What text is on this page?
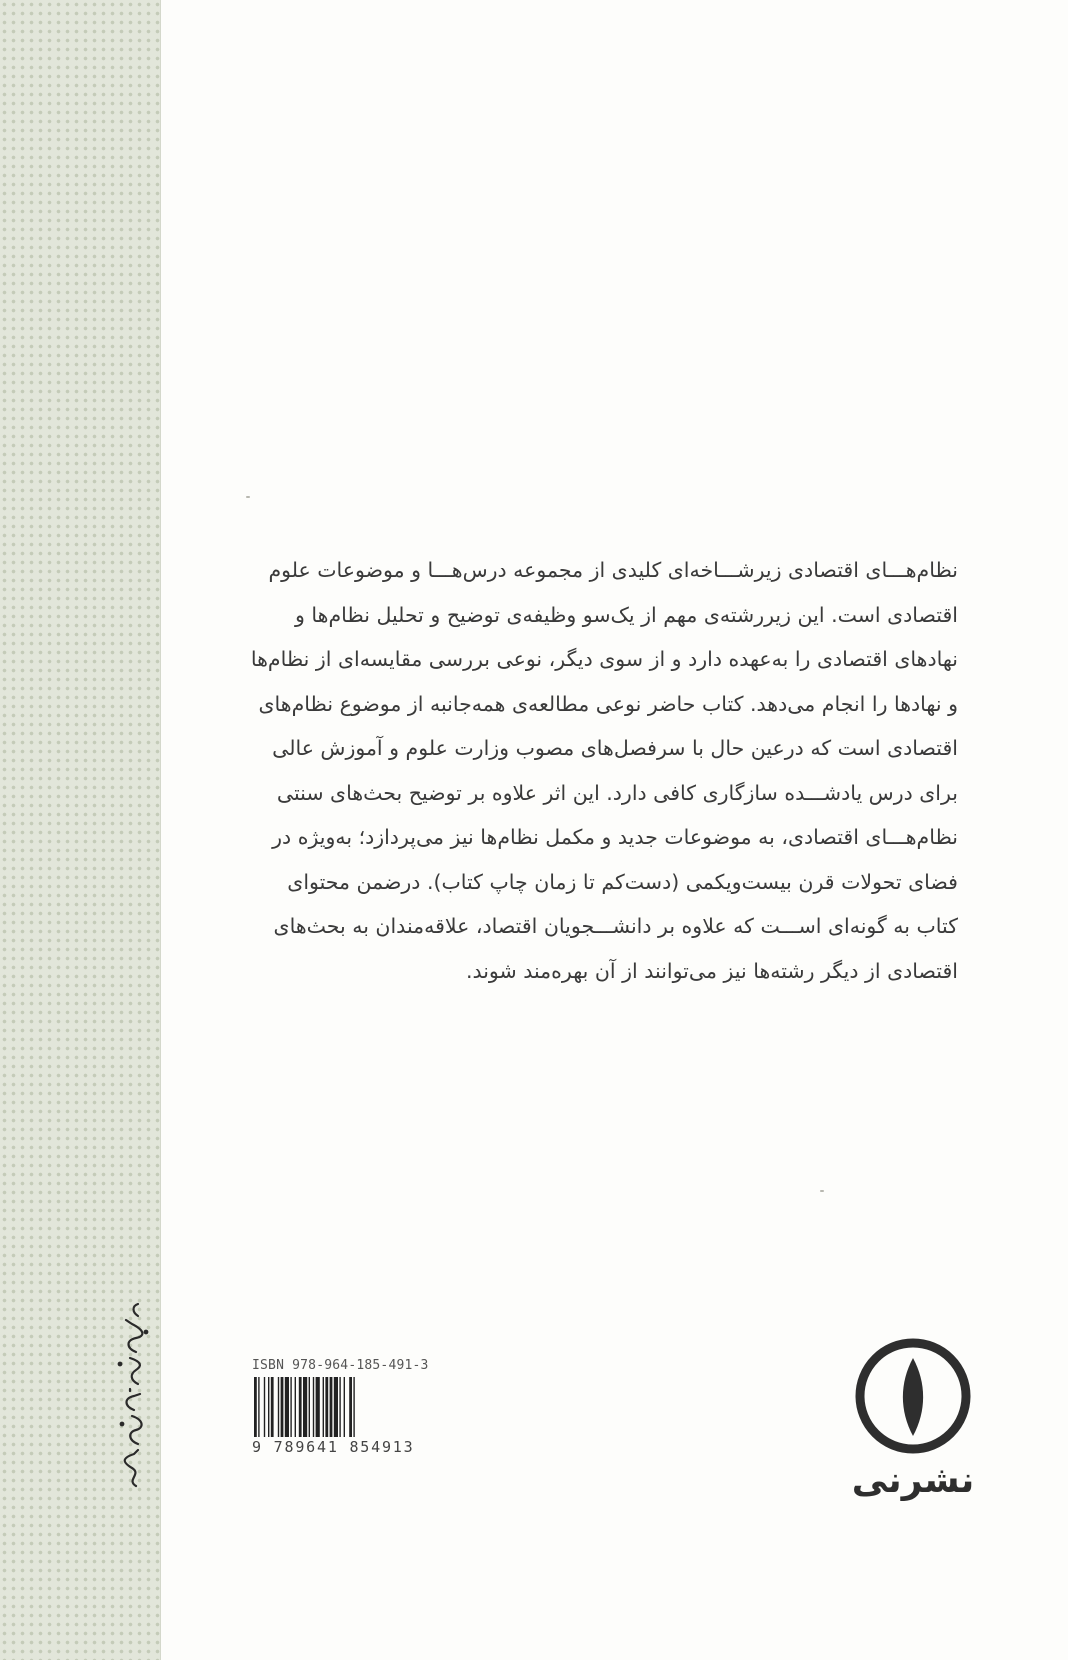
نظام‌هـــای اقتصادی زیرشـــاخه‌ای کلیدی از مجموعه درس‌هـــا و موضوعات علوم

اقتصادی است. این زیررشته‌ی مهم از یک‌سو وظیفه‌ی توضیح و تحلیل نظام‌ها و

نهادهای اقتصادی را به‌عهده دارد و از سوی دیگر، نوعی بررسی مقایسه‌ای از نظام‌ها

و نهادها را انجام می‌دهد. کتاب حاضر نوعی مطالعه‌ی همه‌جانبه از موضوع نظام‌های

اقتصادی است که درعین حال با سرفصل‌های مصوب وزارت علوم و آموزش عالی

برای درس یادشـــده سازگاری کافی دارد. این اثر علاوه بر توضیح بحث‌های سنتی

نظام‌هـــای اقتصادی، به موضوعات جدید و مکمل نظام‌ها نیز می‌پردازد؛ به‌ویژه در

فضای تحولات قرن بیست‌ویکمی (دست‌کم تا زمان چاپ کتاب). درضمن محتوای

کتاب به گونه‌ای اســـت که علاوه بر دانشـــجویان اقتصاد، علاقه‌مندان به بحث‌های

اقتصادی از دیگر رشته‌ها نیز می‌توانند از آن بهره‌مند شوند.

ISBN 978-964-185-491-3
9 789641 854913
نشرنی
